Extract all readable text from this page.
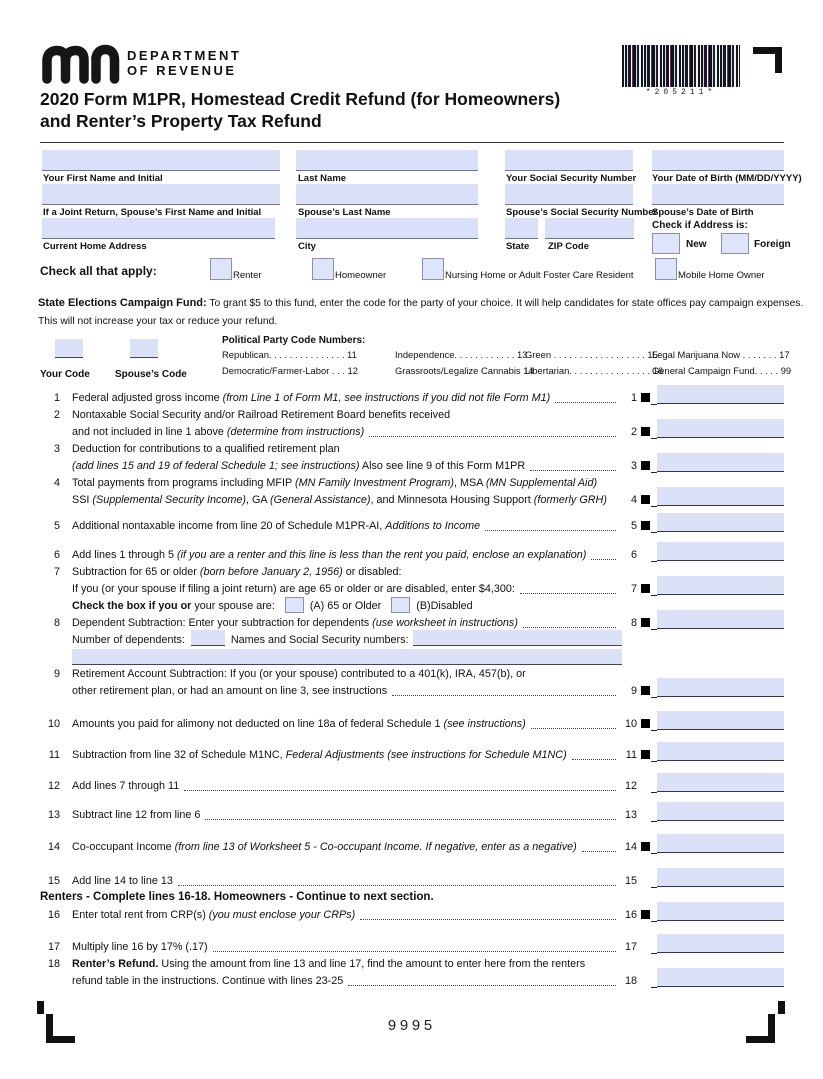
DEPARTMENT
OF REVENUE
*205211*
2020 Form M1PR, Homestead Credit Refund (for Homeowners)
and Renter’s Property Tax Refund
Your First Name and Initial	Last Name	Your Social Security Number Your Date of Birth (MM/DD/YYYY)
If a Joint Return, Spouse’s First Name and Initial	Spouse’s Last Name	Spouse’s Social Security Number
Spouse’s Date of Birth
Current Home Address	City	State ZIP Code
Check if Address is:
New	Foreign
Check all that apply:	Renter	Homeowner	Nursing Home or Adult Foster Care Resident	Mobile Home Owner
State Elections Campaign Fund: To grant $5 to this fund, enter the code for the party of your choice. It will help candidates for state offices pay campaign expenses.
This will not increase your tax or reduce your refund.
Your Code	Spouse’s Code
Political Party Code Numbers:
Republican. . . . . . . . . . . . . . . 11
Democratic/Farmer-Labor . . . 12
Independence. . . . . . . . . . . . 13
Grassroots/Legalize Cannabis 14
Green . . . . . . . . . . . . . . . . . . 15
Libertarian. . . . . . . . . . . . . . . . 16
Legal Marijuana Now . . . . . . . 17
General Campaign Fund. . . . . 99
1 Federal adjusted gross income (from Line 1 of Form M1, see instructions if you did not file Form M1)	1
2 Nontaxable Social Security and/or Railroad Retirement Board benefits received
and not included in line 1 above (determine from instructions)	2
3 Deduction for contributions to a qualified retirement plan
(add lines 15 and 19 of federal Schedule 1; see instructions) Also see line 9 of this Form M1PR	3
4 Total payments from programs including MFIP (MN Family Investment Program), MSA (MN Supplemental Aid)
SSI (Supplemental Security Income), GA (General Assistance), and Minnesota Housing Support (formerly GRH)	4
5 Additional nontaxable income from line 20 of Schedule M1PR-AI, Additions to Income	5
6 Add lines 1 through 5 (if you are a renter and this line is less than the rent you paid, enclose an explanation)	6
7 Subtraction for 65 or older (born before January 2, 1956) or disabled:
If you (or your spouse if filing a joint return) are age 65 or older or are disabled, enter $4,300:	7
Check the box if you or your spouse are:	(A) 65 or Older	(B)Disabled
8 Dependent Subtraction: Enter your subtraction for dependents (use worksheet in instructions)	8
Number of dependents:	Names and Social Security numbers:
9 Retirement Account Subtraction: If you (or your spouse) contributed to a 401(k), IRA, 457(b), or
other retirement plan, or had an amount on line 3, see instructions	9
10 Amounts you paid for alimony not deducted on line 18a of federal Schedule 1 (see instructions)	10
11 Subtraction from line 32 of Schedule M1NC, Federal Adjustments (see instructions for Schedule M1NC)	11
12 Add lines 7 through 11	12
13 Subtract line 12 from line 6	13
14 Co-occupant Income (from line 13 of Worksheet 5 - Co-occupant Income. If negative, enter as a negative)	14
15 Add line 14 to line 13	15
Renters - Complete lines 16-18. Homeowners - Continue to next section.
16 Enter total rent from CRP(s) (you must enclose your CRPs)	16
17 Multiply line 16 by 17% (.17)	17
18 Renter’s Refund. Using the amount from line 13 and line 17, find the amount to enter here from the renters
refund table in the instructions. Continue with lines 23-25	18
9995
